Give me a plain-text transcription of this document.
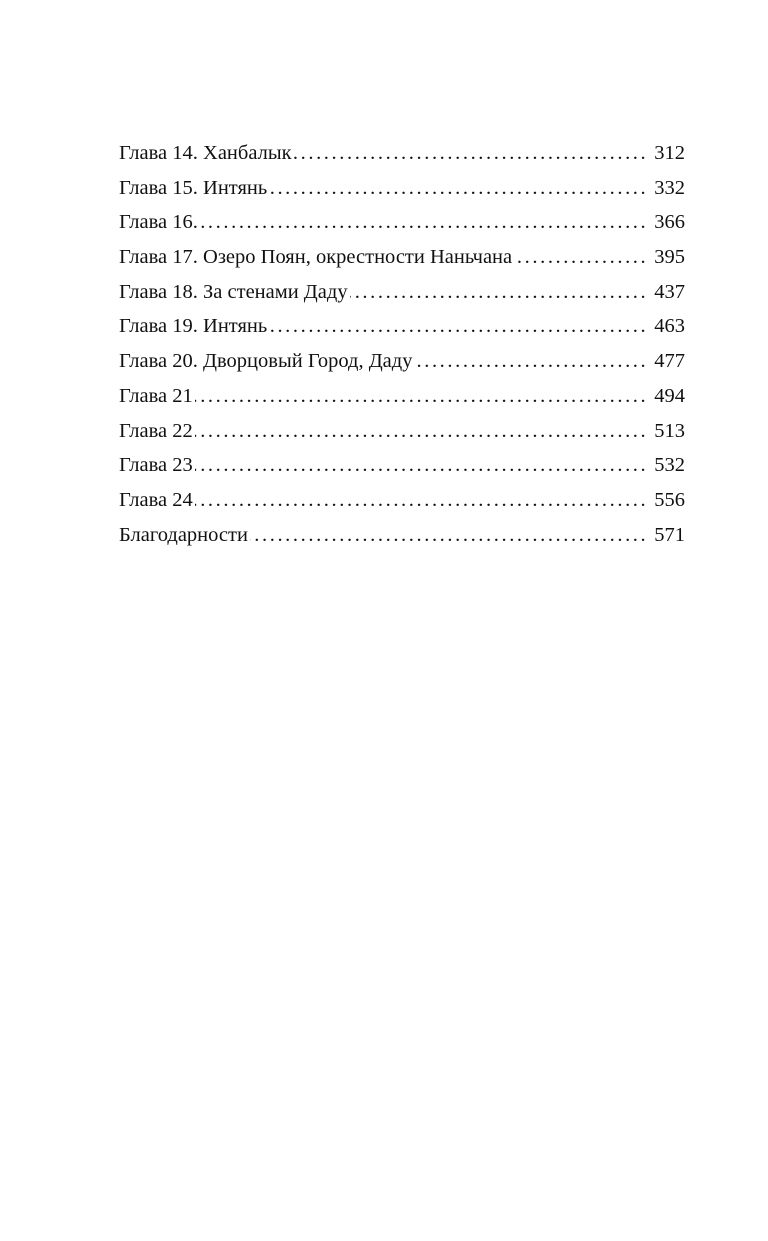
Глава 14. Ханбалык .....	312
Глава 15. Интянь .....	332
Глава 16. .....	366
Глава 17. Озеро Поян, окрестности Наньчана .....	395
Глава 18. За стенами Даду .....	437
Глава 19. Интянь .....	463
Глава 20. Дворцовый Город, Даду .....	477
Глава 21 .....	494
Глава 22 .....	513
Глава 23 .....	532
Глава 24 .....	556
Благодарности .....	571
